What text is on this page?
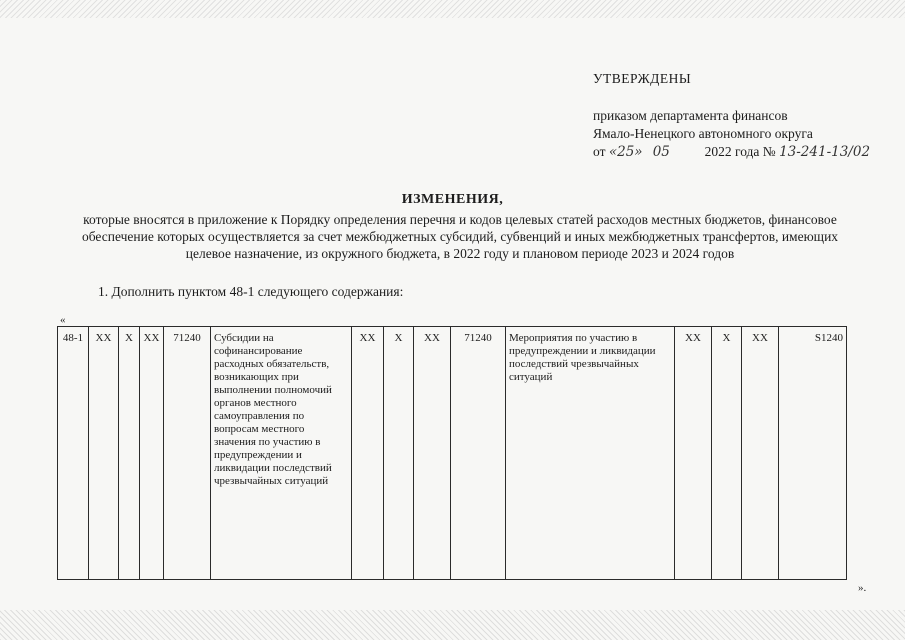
УТВЕРЖДЕНЫ
приказом департамента финансов
Ямало-Ненецкого автономного округа
от «25» 05	2022 года № 13-241-13/02
ИЗМЕНЕНИЯ,
которые вносятся в приложение к Порядку определения перечня и кодов целевых статей расходов местных бюджетов, финансовое обеспечение которых осуществляется за счет межбюджетных субсидий, субвенций и иных межбюджетных трансфертов, имеющих целевое назначение, из окружного бюджета, в 2022 году и плановом периоде 2023 и 2024 годов
1. Дополнить пунктом 48-1 следующего содержания:
«
48-1	XX	X	XX	71240	Субсидии на софинансирование расходных обязательств, возникающих при выполнении полномочий органов местного самоуправления по вопросам местного значения по участию в предупреждении и ликвидации последствий чрезвычайных ситуаций	XX	X	XX	71240	Мероприятия по участию в предупреждении и ликвидации последствий чрезвычайных ситуаций	XX	X	XX	S1240
».
